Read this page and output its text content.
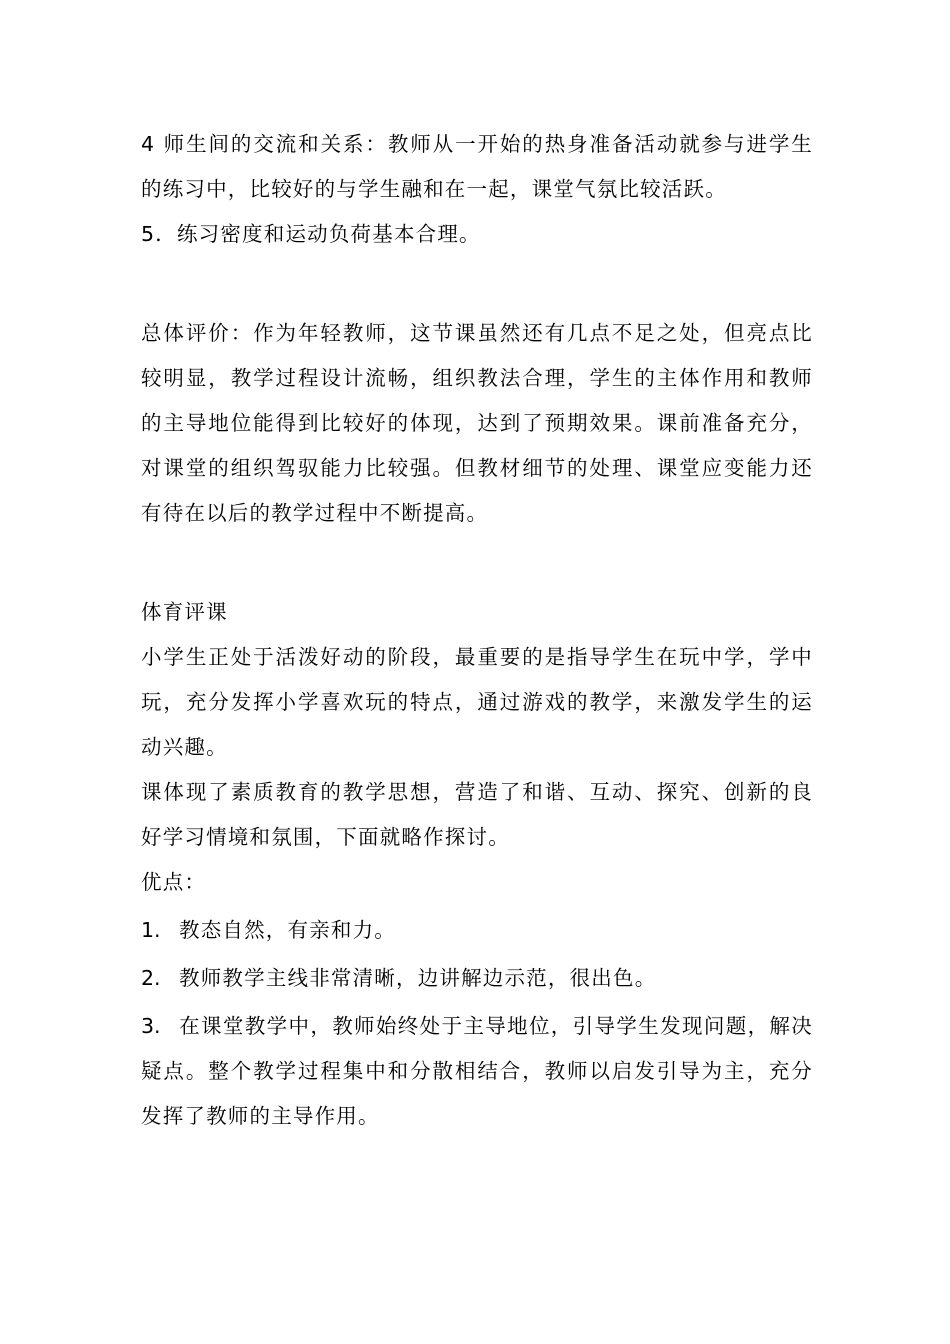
4 师生间的交流和关系：教师从一开始的热身准备活动就参与进学生的练习中，比较好的与学生融和在一起，课堂气氛比较活跃。

5．练习密度和运动负荷基本合理。

总体评价：作为年轻教师，这节课虽然还有几点不足之处，但亮点比较明显，教学过程设计流畅，组织教法合理，学生的主体作用和教师的主导地位能得到比较好的体现，达到了预期效果。课前准备充分，对课堂的组织驾驭能力比较强。但教材细节的处理、课堂应变能力还有待在以后的教学过程中不断提高。

体育评课

小学生正处于活泼好动的阶段，最重要的是指导学生在玩中学，学中玩，充分发挥小学喜欢玩的特点，通过游戏的教学，来激发学生的运动兴趣。

课体现了素质教育的教学思想，营造了和谐、互动、探究、创新的良好学习情境和氛围，下面就略作探讨。

优点：

1. 教态自然，有亲和力。

2. 教师教学主线非常清晰，边讲解边示范，很出色。

3. 在课堂教学中，教师始终处于主导地位，引导学生发现问题，解决疑点。整个教学过程集中和分散相结合，教师以启发引导为主，充分发挥了教师的主导作用。
